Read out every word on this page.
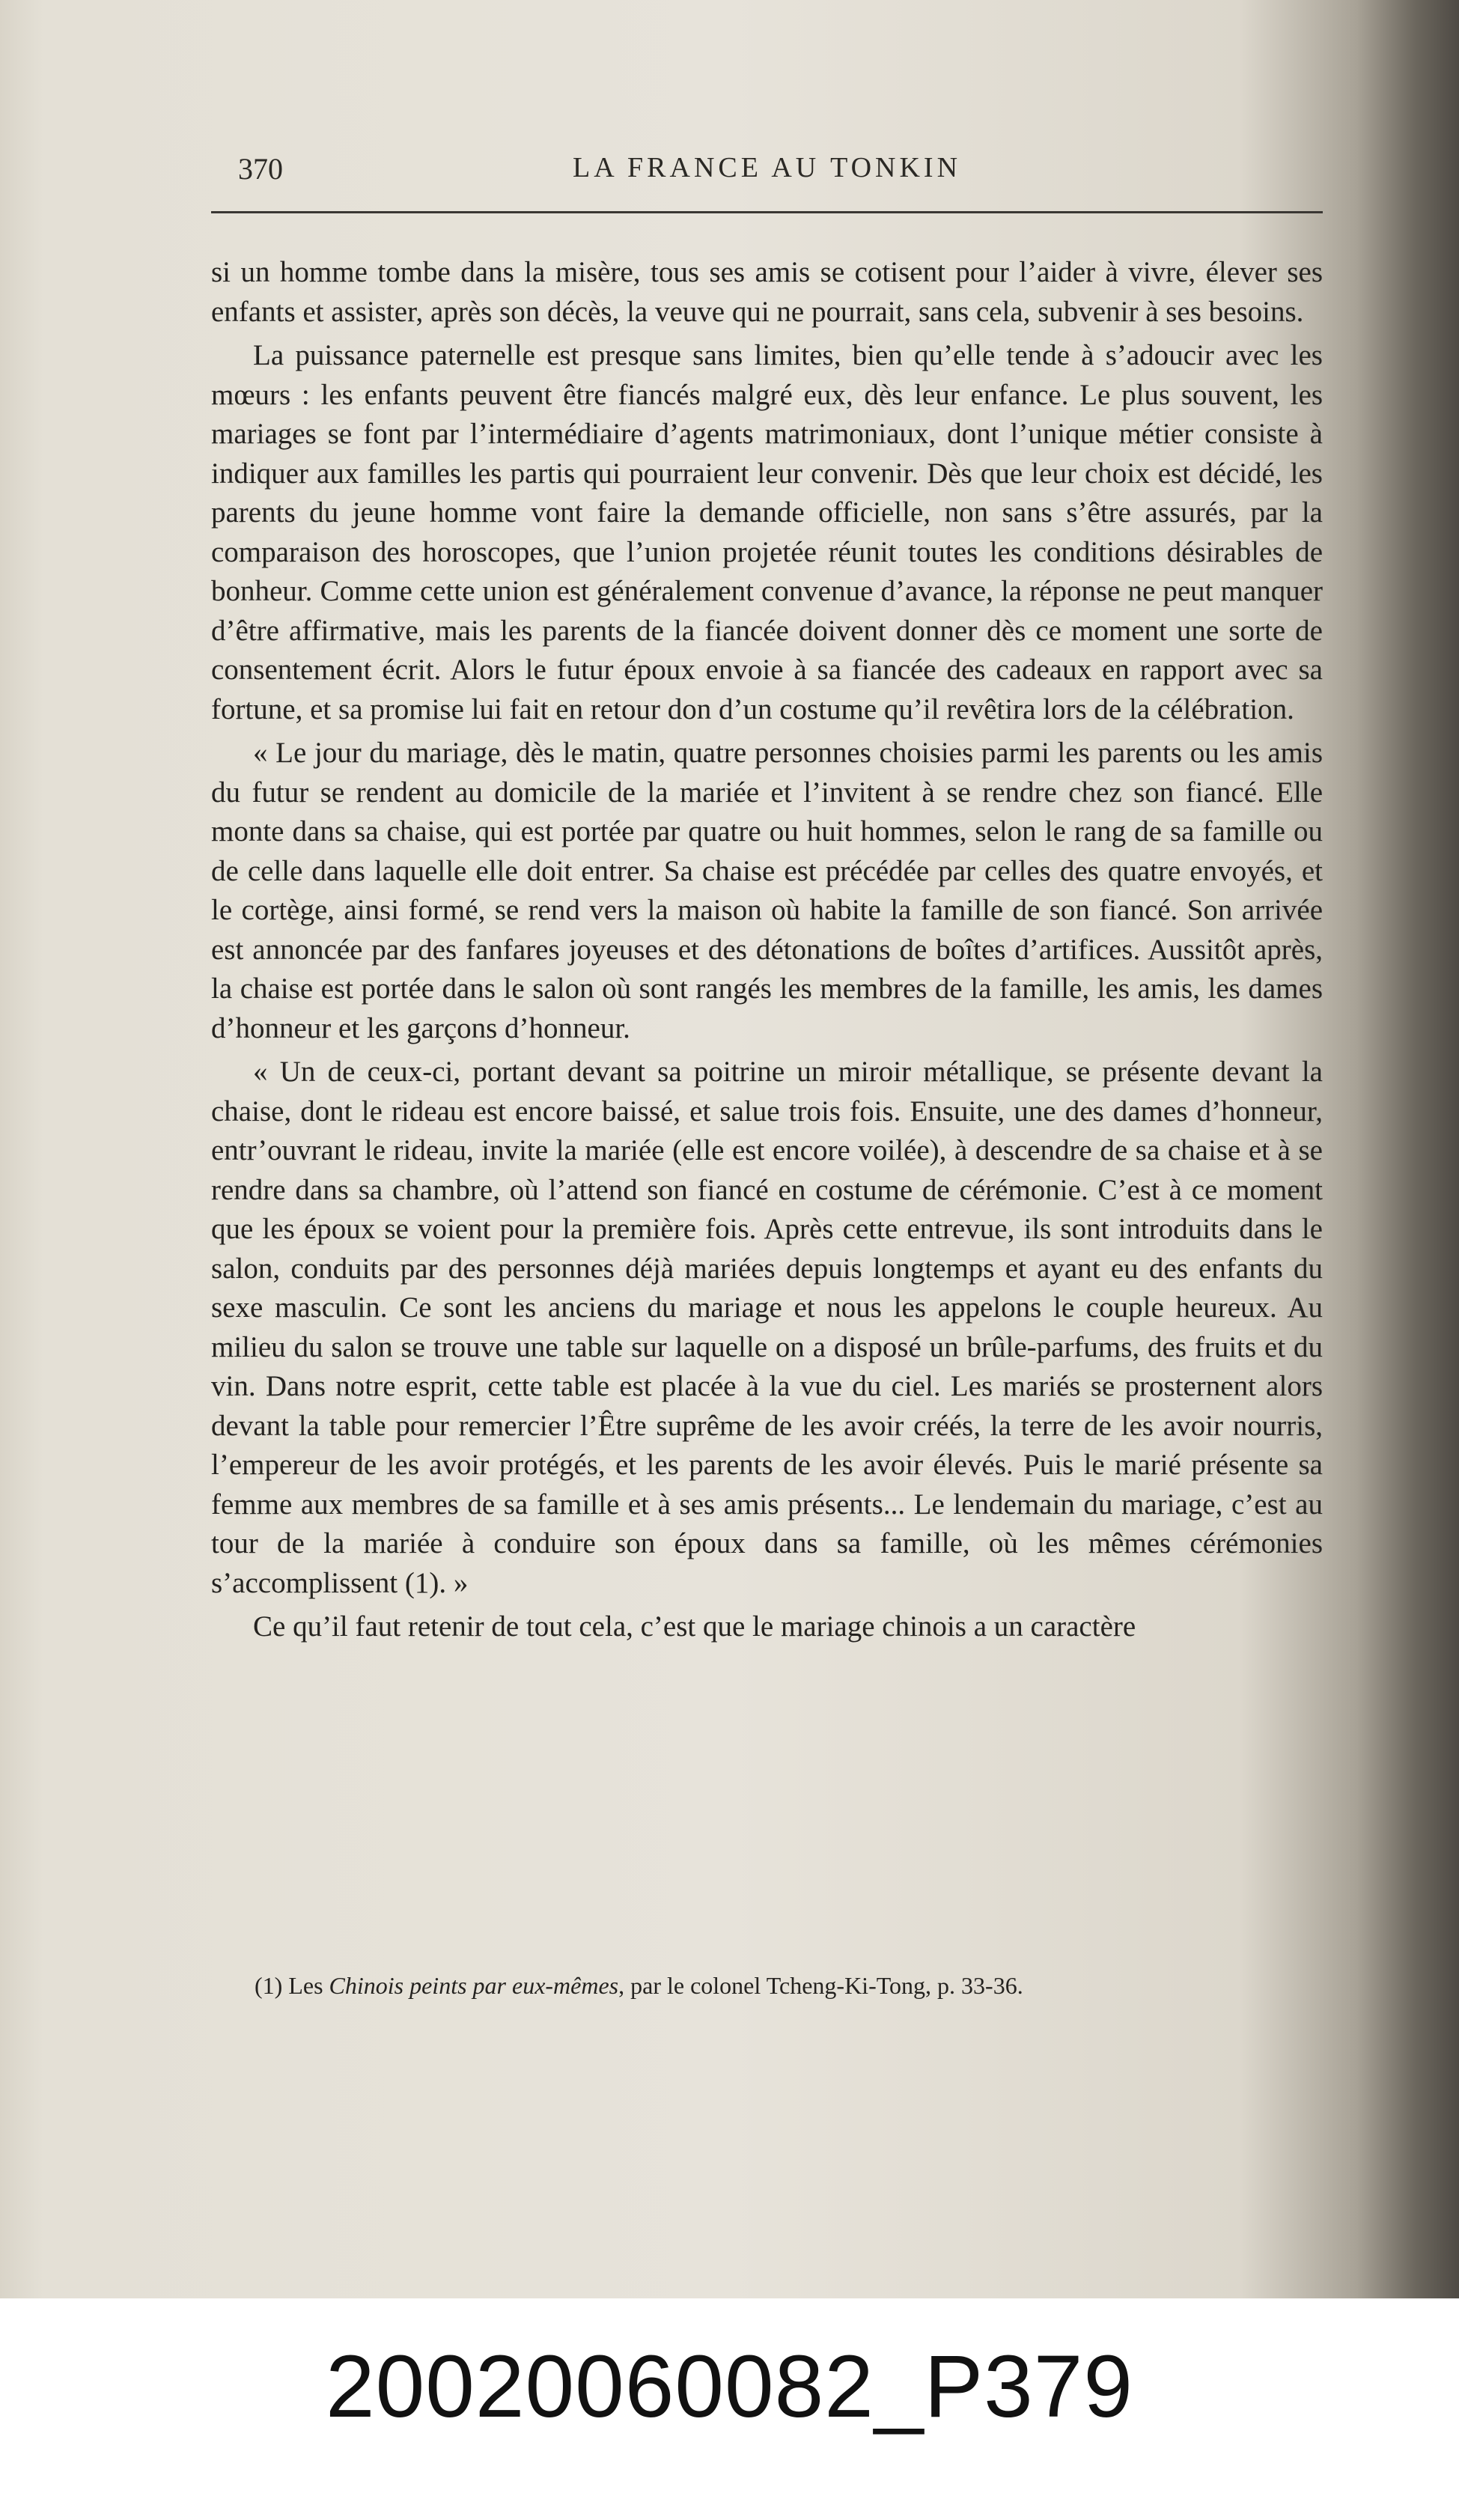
370	LA FRANCE AU TONKIN

si un homme tombe dans la misère, tous ses amis se cotisent pour l’aider à vivre, élever ses enfants et assister, après son décès, la veuve qui ne pourrait, sans cela, subvenir à ses besoins.

La puissance paternelle est presque sans limites, bien qu’elle tende à s’adoucir avec les mœurs : les enfants peuvent être fiancés malgré eux, dès leur enfance. Le plus souvent, les mariages se font par l’intermédiaire d’agents matrimoniaux, dont l’unique métier consiste à indiquer aux familles les partis qui pourraient leur convenir. Dès que leur choix est décidé, les parents du jeune homme vont faire la demande officielle, non sans s’être assurés, par la comparaison des horoscopes, que l’union projetée réunit toutes les conditions désirables de bonheur. Comme cette union est généralement convenue d’avance, la réponse ne peut manquer d’être affirmative, mais les parents de la fiancée doivent donner dès ce moment une sorte de consentement écrit. Alors le futur époux envoie à sa fiancée des cadeaux en rapport avec sa fortune, et sa promise lui fait en retour don d’un costume qu’il revêtira lors de la célébration.

« Le jour du mariage, dès le matin, quatre personnes choisies parmi les parents ou les amis du futur se rendent au domicile de la mariée et l’invitent à se rendre chez son fiancé. Elle monte dans sa chaise, qui est portée par quatre ou huit hommes, selon le rang de sa famille ou de celle dans laquelle elle doit entrer. Sa chaise est précédée par celles des quatre envoyés, et le cortège, ainsi formé, se rend vers la maison où habite la famille de son fiancé. Son arrivée est annoncée par des fanfares joyeuses et des détonations de boîtes d’artifices. Aussitôt après, la chaise est portée dans le salon où sont rangés les membres de la famille, les amis, les dames d’honneur et les garçons d’honneur.

« Un de ceux-ci, portant devant sa poitrine un miroir métallique, se présente devant la chaise, dont le rideau est encore baissé, et salue trois fois. Ensuite, une des dames d’honneur, entr’ouvrant le rideau, invite la mariée (elle est encore voilée), à descendre de sa chaise et à se rendre dans sa chambre, où l’attend son fiancé en costume de cérémonie. C’est à ce moment que les époux se voient pour la première fois. Après cette entrevue, ils sont introduits dans le salon, conduits par des personnes déjà mariées depuis longtemps et ayant eu des enfants du sexe masculin. Ce sont les anciens du mariage et nous les appelons le couple heureux. Au milieu du salon se trouve une table sur laquelle on a disposé un brûle-parfums, des fruits et du vin. Dans notre esprit, cette table est placée à la vue du ciel. Les mariés se prosternent alors devant la table pour remercier l’Être suprême de les avoir créés, la terre de les avoir nourris, l’empereur de les avoir protégés, et les parents de les avoir élevés. Puis le marié présente sa femme aux membres de sa famille et à ses amis présents... Le lendemain du mariage, c’est au tour de la mariée à conduire son époux dans sa famille, où les mêmes cérémonies s’accomplissent (1). »

Ce qu’il faut retenir de tout cela, c’est que le mariage chinois a un caractère

(1) Les Chinois peints par eux-mêmes, par le colonel Tcheng-Ki-Tong, p. 33-36.
20020060082_P379
